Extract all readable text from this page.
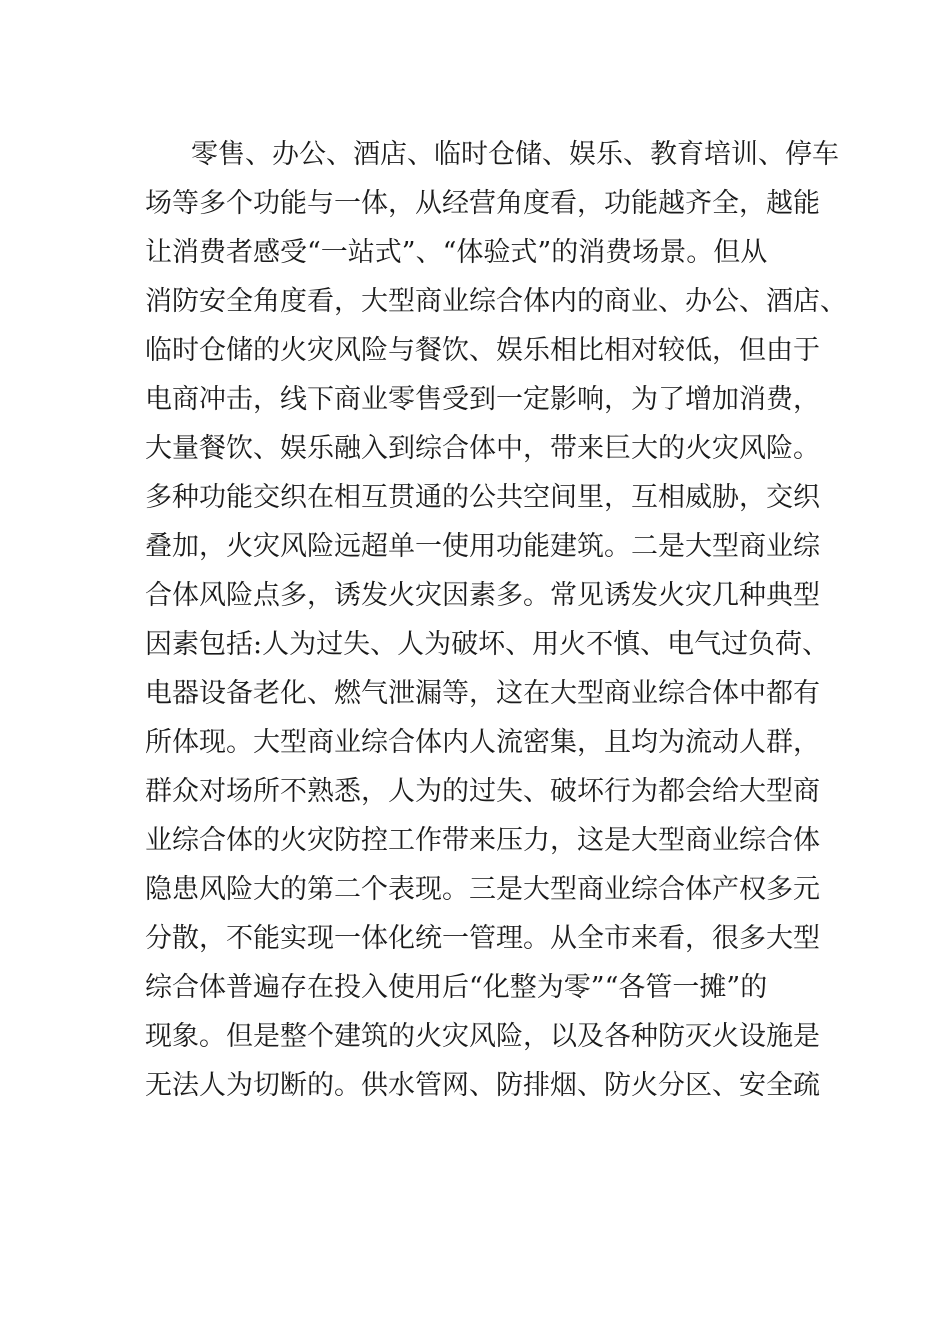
零售、办公、酒店、临时仓储、娱乐、教育培训、停车
场等多个功能与一体，从经营角度看，功能越齐全，越能
让消费者感受“一站式”、“体验式”的消费场景。但从
消防安全角度看，大型商业综合体内的商业、办公、酒店、
临时仓储的火灾风险与餐饮、娱乐相比相对较低，但由于
电商冲击，线下商业零售受到一定影响，为了增加消费，
大量餐饮、娱乐融入到综合体中，带来巨大的火灾风险。
多种功能交织在相互贯通的公共空间里，互相威胁，交织
叠加，火灾风险远超单一使用功能建筑。二是大型商业综
合体风险点多，诱发火灾因素多。常见诱发火灾几种典型
因素包括:人为过失、人为破坏、用火不慎、电气过负荷、
电器设备老化、燃气泄漏等，这在大型商业综合体中都有
所体现。大型商业综合体内人流密集，且均为流动人群，
群众对场所不熟悉，人为的过失、破坏行为都会给大型商
业综合体的火灾防控工作带来压力，这是大型商业综合体
隐患风险大的第二个表现。三是大型商业综合体产权多元
分散，不能实现一体化统一管理。从全市来看，很多大型
综合体普遍存在投入使用后“化整为零”“各管一摊”的
现象。但是整个建筑的火灾风险，以及各种防灭火设施是
无法人为切断的。供水管网、防排烟、防火分区、安全疏
